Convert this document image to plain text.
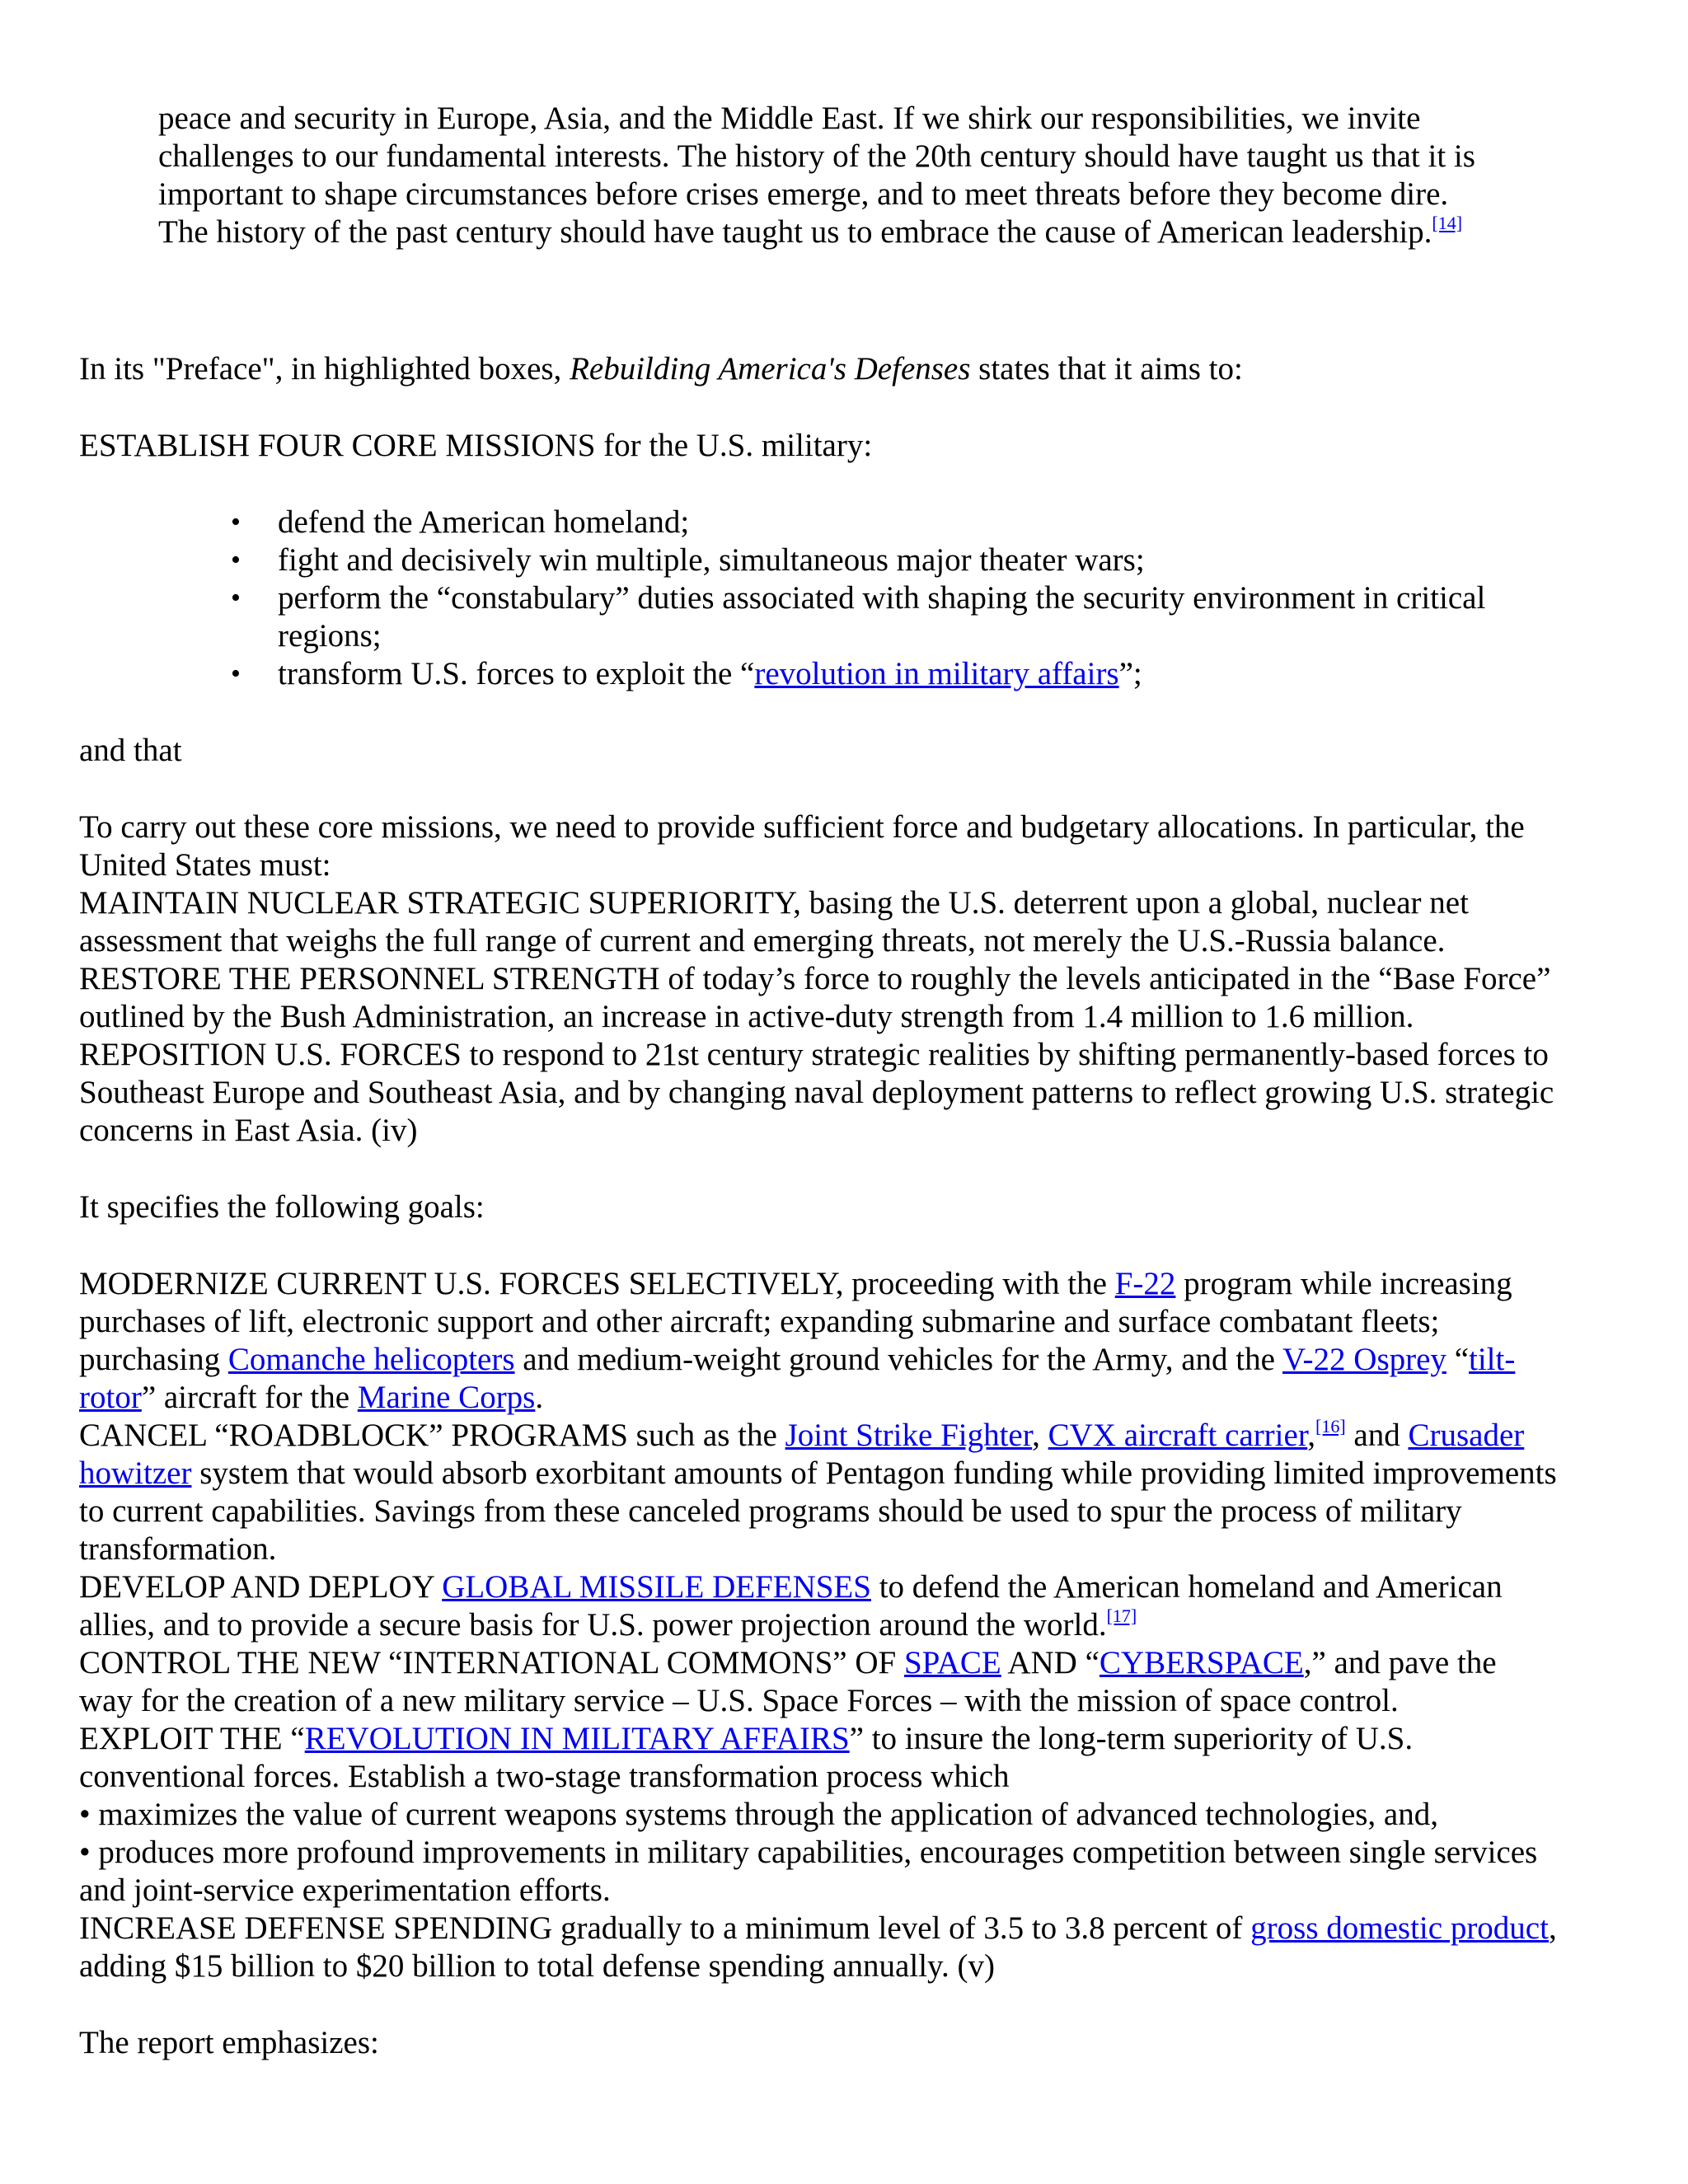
peace and security in Europe, Asia, and the Middle East. If we shirk our responsibilities, we invite
challenges to our fundamental interests. The history of the 20th century should have taught us that it is
important to shape circumstances before crises emerge, and to meet threats before they become dire.
The history of the past century should have taught us to embrace the cause of American leadership.[14]
In its "Preface", in highlighted boxes, Rebuilding America's Defenses states that it aims to:
ESTABLISH FOUR CORE MISSIONS for the U.S. military:
• defend the American homeland;
• fight and decisively win multiple, simultaneous major theater wars;
• perform the “constabulary” duties associated with shaping the security environment in critical
regions;
• transform U.S. forces to exploit the “revolution in military affairs”;
and that
To carry out these core missions, we need to provide sufficient force and budgetary allocations. In particular, the
United States must:
MAINTAIN NUCLEAR STRATEGIC SUPERIORITY, basing the U.S. deterrent upon a global, nuclear net
assessment that weighs the full range of current and emerging threats, not merely the U.S.-Russia balance.
RESTORE THE PERSONNEL STRENGTH of today’s force to roughly the levels anticipated in the “Base Force”
outlined by the Bush Administration, an increase in active-duty strength from 1.4 million to 1.6 million.
REPOSITION U.S. FORCES to respond to 21st century strategic realities by shifting permanently-based forces to
Southeast Europe and Southeast Asia, and by changing naval deployment patterns to reflect growing U.S. strategic
concerns in East Asia. (iv)
It specifies the following goals:
MODERNIZE CURRENT U.S. FORCES SELECTIVELY, proceeding with the F-22 program while increasing
purchases of lift, electronic support and other aircraft; expanding submarine and surface combatant fleets;
purchasing Comanche helicopters and medium-weight ground vehicles for the Army, and the V-22 Osprey “tilt-
rotor” aircraft for the Marine Corps.
CANCEL “ROADBLOCK” PROGRAMS such as the Joint Strike Fighter, CVX aircraft carrier,[16] and Crusader
howitzer system that would absorb exorbitant amounts of Pentagon funding while providing limited improvements
to current capabilities. Savings from these canceled programs should be used to spur the process of military
transformation.
DEVELOP AND DEPLOY GLOBAL MISSILE DEFENSES to defend the American homeland and American
allies, and to provide a secure basis for U.S. power projection around the world.[17]
CONTROL THE NEW “INTERNATIONAL COMMONS” OF SPACE AND “CYBERSPACE,” and pave the
way for the creation of a new military service – U.S. Space Forces – with the mission of space control.
EXPLOIT THE “REVOLUTION IN MILITARY AFFAIRS” to insure the long-term superiority of U.S.
conventional forces. Establish a two-stage transformation process which
• maximizes the value of current weapons systems through the application of advanced technologies, and,
• produces more profound improvements in military capabilities, encourages competition between single services
and joint-service experimentation efforts.
INCREASE DEFENSE SPENDING gradually to a minimum level of 3.5 to 3.8 percent of gross domestic product,
adding $15 billion to $20 billion to total defense spending annually. (v)
The report emphasizes:
